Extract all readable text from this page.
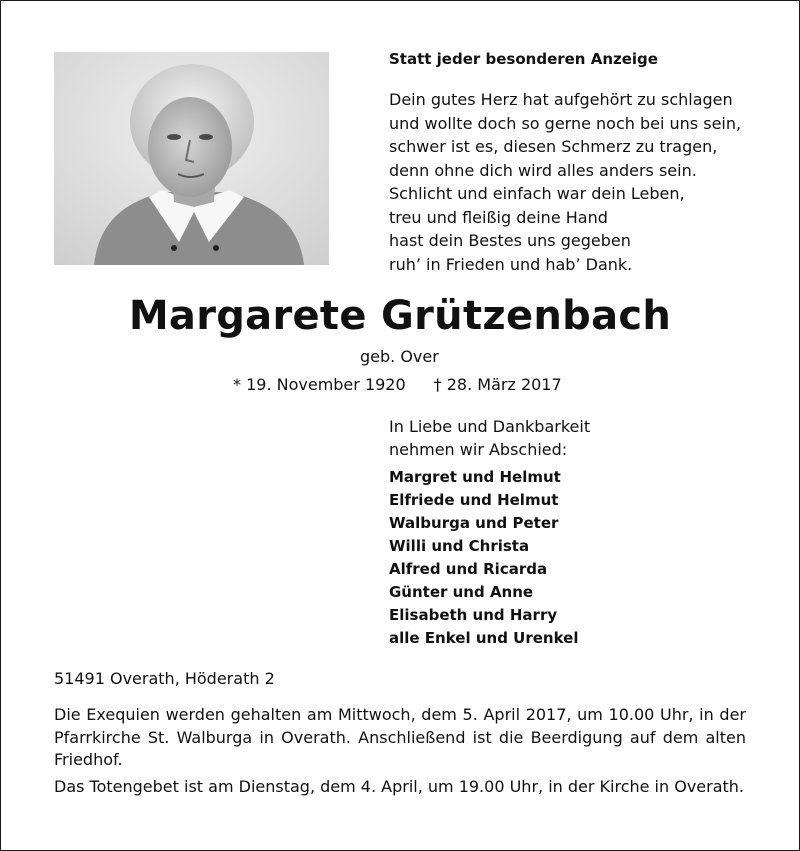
Statt jeder besonderen Anzeige
Dein gutes Herz hat aufgehört zu schlagen
und wollte doch so gerne noch bei uns sein,
schwer ist es, diesen Schmerz zu tragen,
denn ohne dich wird alles anders sein.
Schlicht und einfach war dein Leben,
treu und fleißig deine Hand
hast dein Bestes uns gegeben
ruh’ in Frieden und hab’ Dank.
Margarete Grützenbach
geb. Over
* 19. November 1920 † 28. März 2017
In Liebe und Dankbarkeit
nehmen wir Abschied:
Margret und Helmut
Elfriede und Helmut
Walburga und Peter
Willi und Christa
Alfred und Ricarda
Günter und Anne
Elisabeth und Harry
alle Enkel und Urenkel
51491 Overath, Höderath 2

Die Exequien werden gehalten am Mittwoch, dem 5. April 2017, um 10.00 Uhr, in der Pfarrkirche St. Walburga in Overath. Anschließend ist die Beerdigung auf dem alten Friedhof.

Das Totengebet ist am Dienstag, dem 4. April, um 19.00 Uhr, in der Kirche in Overath.
